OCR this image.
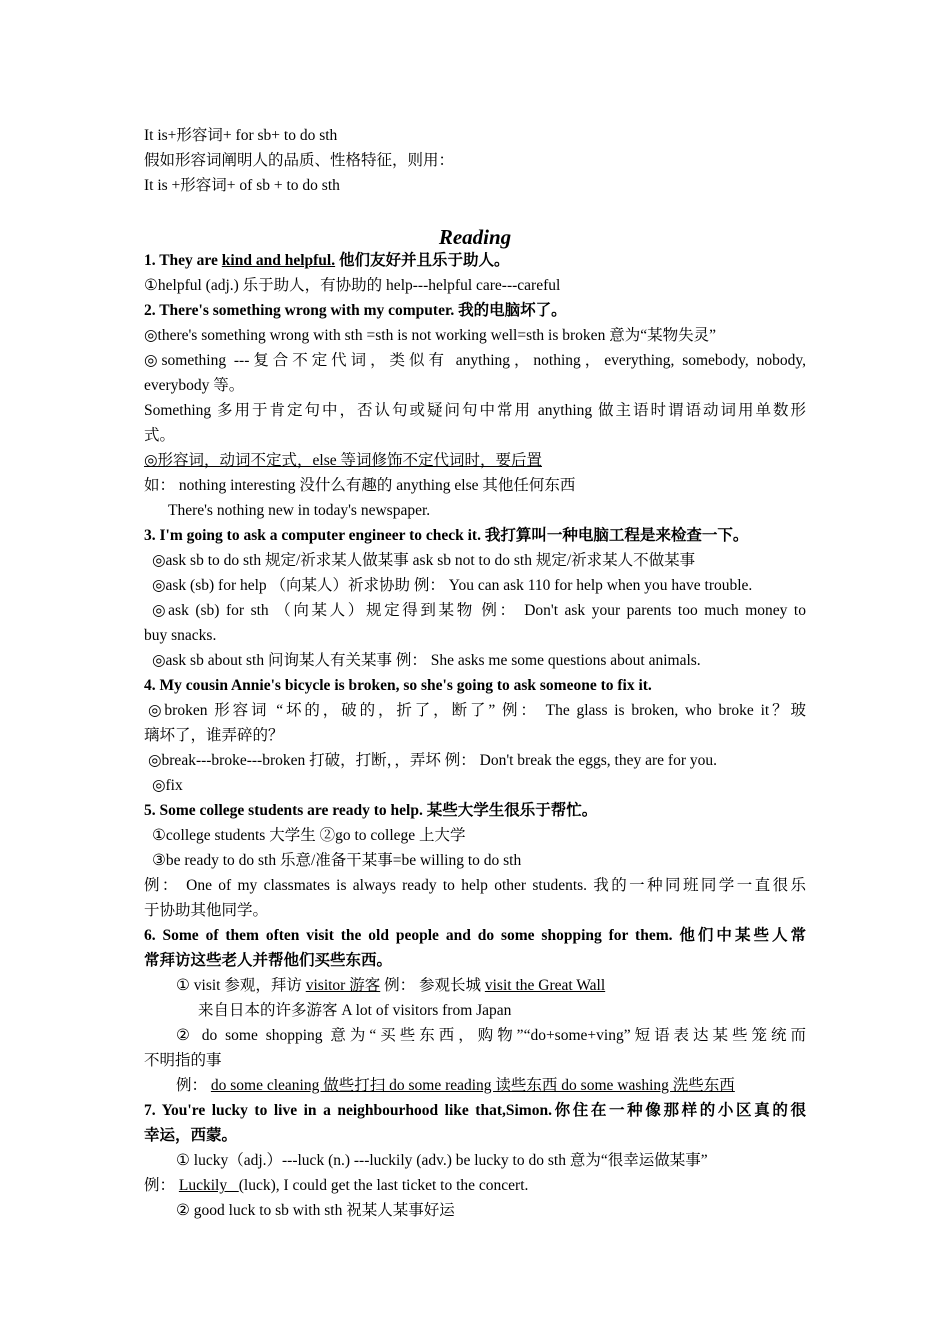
It is+形容词+ for sb+ to do sth
假如形容词阐明人的品质、性格特征，则用：
It is +形容词+ of sb + to do sth
Reading
1. They are kind and helpful. 他们友好并且乐于助人。
①helpful (adj.) 乐于助人，有协助的 help---helpful care---careful
2. There's something wrong with my computer. 我的电脑坏了。
◎there's something wrong with sth =sth is not working well=sth is broken 意为“某物失灵”
◎something ---复合不定代词，类似有 anything，nothing，everything, somebody, nobody,
everybody 等。
Something 多用于肯定句中，否认句或疑问句中常用 anything 做主语时谓语动词用单数形
式。
◎形容词，动词不定式，else 等词修饰不定代词时，要后置
如： nothing interesting 没什么有趣的 anything else 其他任何东西
There's nothing new in today's newspaper.
3. I'm going to ask a computer engineer to check it. 我打算叫一种电脑工程是来检查一下。
◎ask sb to do sth 规定/祈求某人做某事 ask sb not to do sth 规定/祈求某人不做某事
◎ask (sb) for help （向某人）祈求协助 例： You can ask 110 for help when you have trouble.
◎ask (sb) for sth （向某人）规定得到某物 例： Don't ask your parents too much money to
buy snacks.
◎ask sb about sth 问询某人有关某事 例： She asks me some questions about animals.
4. My cousin Annie's bicycle is broken, so she's going to ask someone to fix it.
◎broken 形容词 “坏的，破的，折了，断了” 例： The glass is broken, who broke it？玻
璃坏了，谁弄碎的？
◎break---broke---broken 打破，打断，，弄坏 例： Don't break the eggs, they are for you.
◎fix
5. Some college students are ready to help. 某些大学生很乐于帮忙。
①college students 大学生 ②go to college 上大学
③be ready to do sth 乐意/准备干某事=be willing to do sth
例： One of my classmates is always ready to help other students. 我的一种同班同学一直很乐
于协助其他同学。
6. Some of them often visit the old people and do some shopping for them. 他们中某些人常
常拜访这些老人并帮他们买些东西。
① visit 参观，拜访 visitor 游客 例： 参观长城 visit the Great Wall
来自日本的许多游客 A lot of visitors from Japan
② do some shopping 意为“买些东西，购物”“do+some+ving”短语表达某些笼统而
不明指的事
例： do some cleaning 做些打扫 do some reading 读些东西 do some washing 洗些东西
7. You're lucky to live in a neighbourhood like that,Simon.你住在一种像那样的小区真的很
幸运，西蒙。
① lucky（adj.）---luck (n.) ---luckily (adv.) be lucky to do sth 意为“很幸运做某事”
例： Luckily   (luck), I could get the last ticket to the concert.
② good luck to sb with sth 祝某人某事好运
